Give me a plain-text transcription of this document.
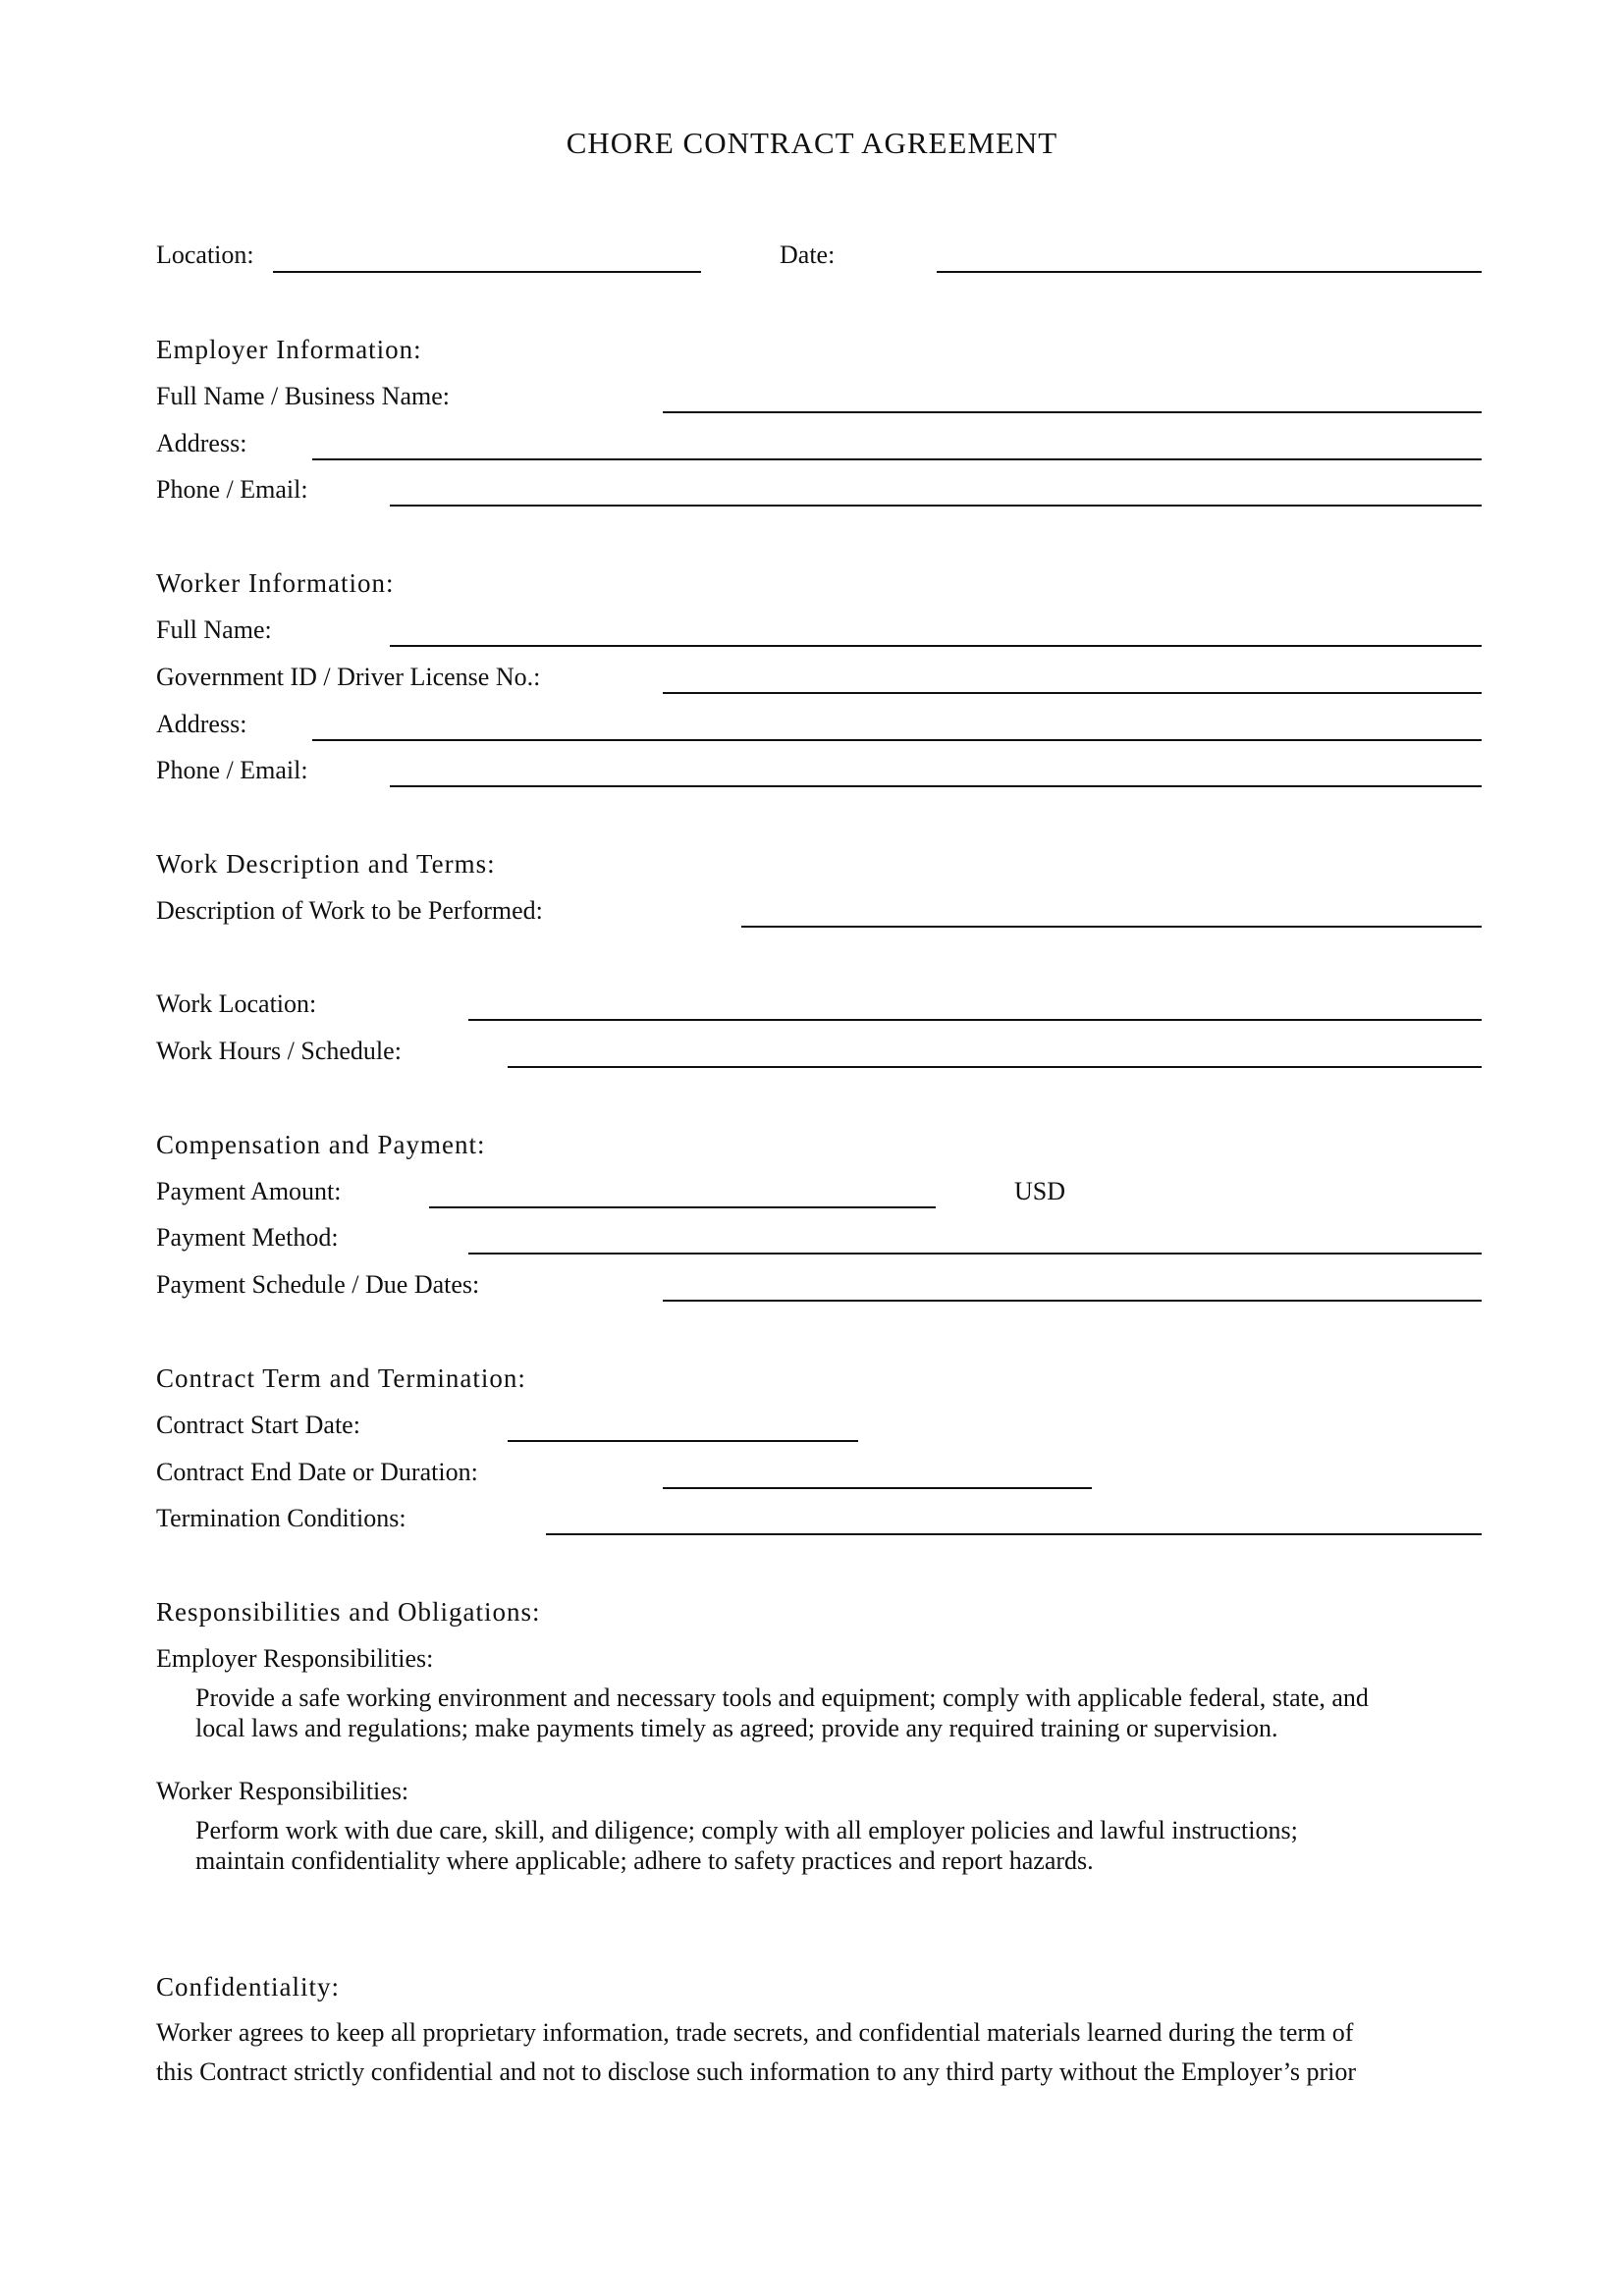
CHORE CONTRACT AGREEMENT
Location:	Date:
Employer Information:
Full Name / Business Name:
Address:
Phone / Email:
Worker Information:
Full Name:
Government ID / Driver License No.:
Address:
Phone / Email:
Work Description and Terms:
Description of Work to be Performed:
Work Location:
Work Hours / Schedule:
Compensation and Payment:
Payment Amount:	USD
Payment Method:
Payment Schedule / Due Dates:
Contract Term and Termination:
Contract Start Date:
Contract End Date or Duration:
Termination Conditions:
Responsibilities and Obligations:
Employer Responsibilities:
Provide a safe working environment and necessary tools and equipment; comply with applicable federal, state, and
local laws and regulations; make payments timely as agreed; provide any required training or supervision.
Worker Responsibilities:
Perform work with due care, skill, and diligence; comply with all employer policies and lawful instructions;
maintain confidentiality where applicable; adhere to safety practices and report hazards.
Confidentiality:
Worker agrees to keep all proprietary information, trade secrets, and confidential materials learned during the term of
this Contract strictly confidential and not to disclose such information to any third party without the Employer’s prior
